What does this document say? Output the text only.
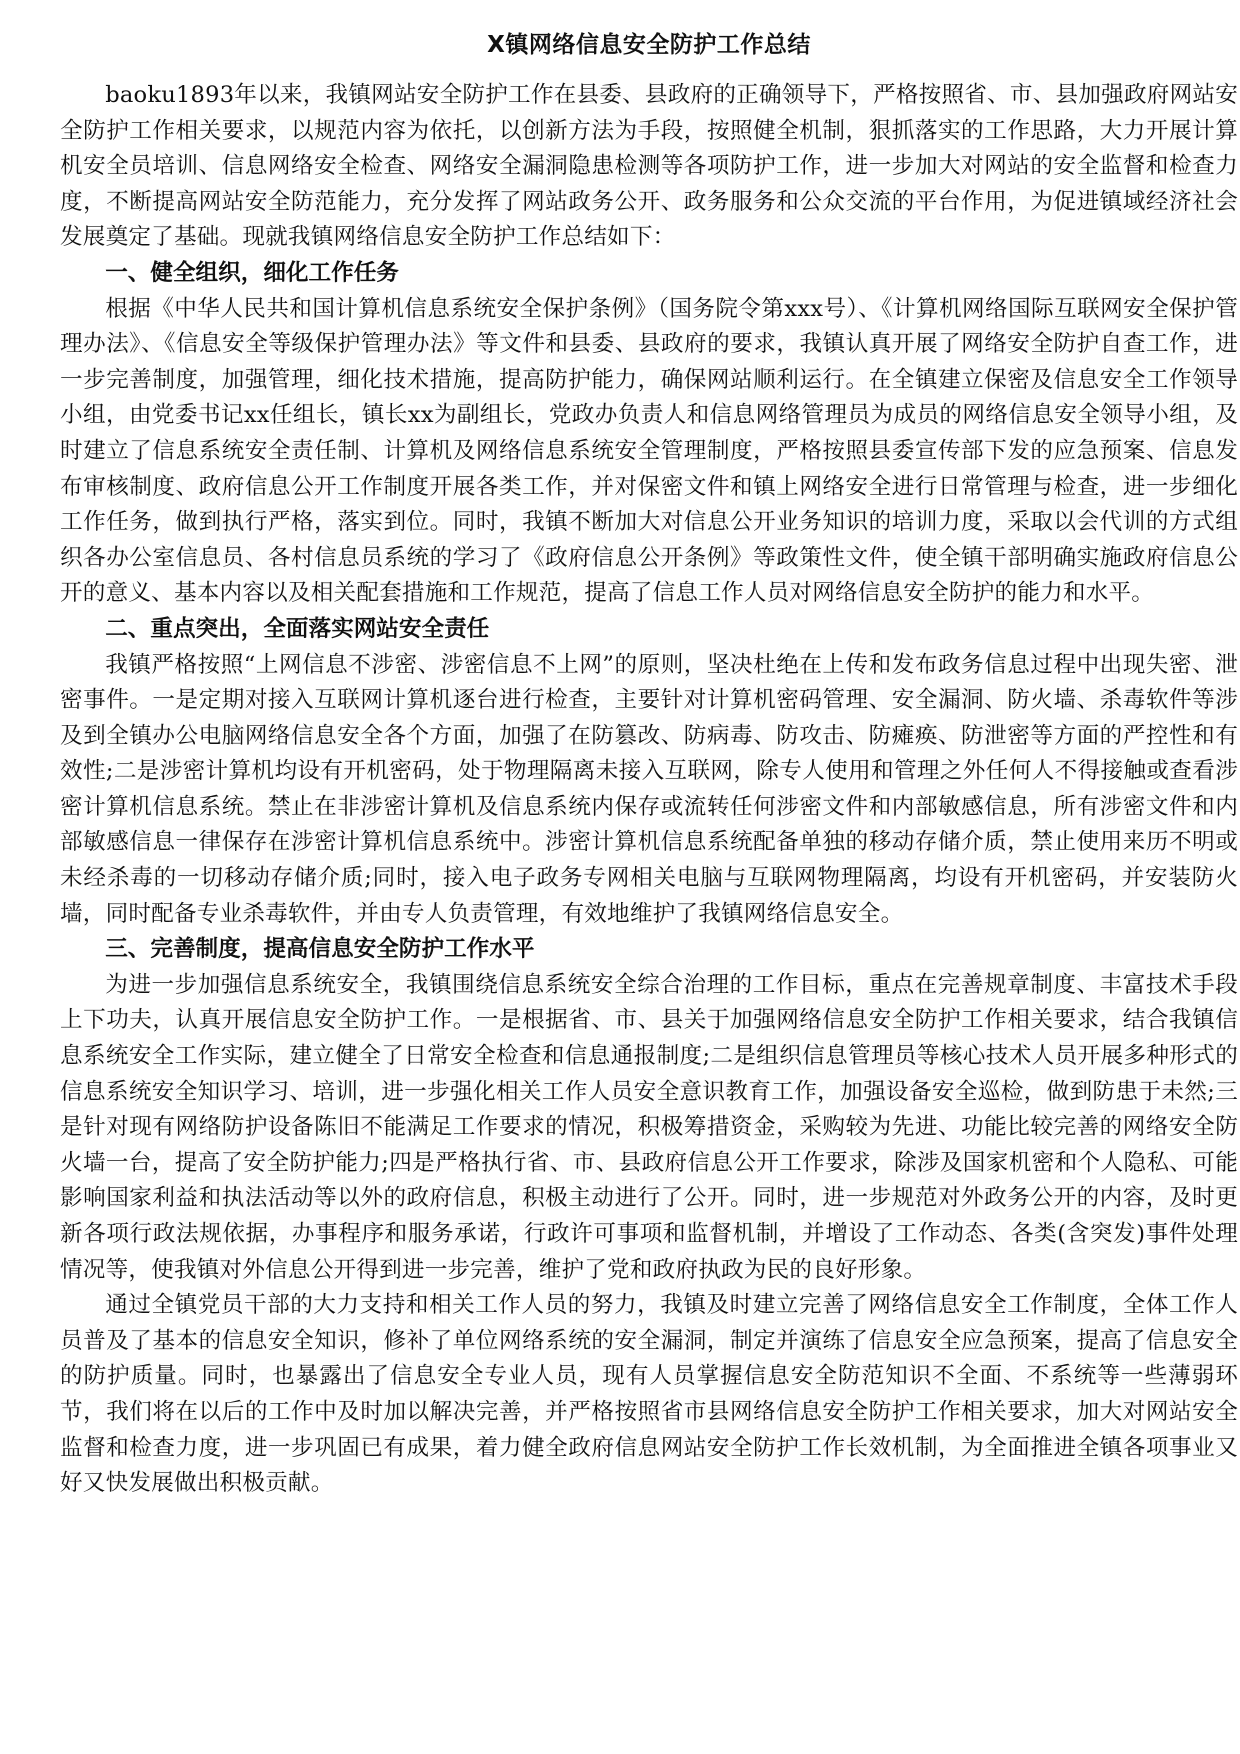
X镇网络信息安全防护工作总结

baoku1893年以来，我镇网站安全防护工作在县委、县政府的正确领导下，严格按照省、市、县加强政府网站安全防护工作相关要求，以规范内容为依托，以创新方法为手段，按照健全机制，狠抓落实的工作思路，大力开展计算机安全员培训、信息网络安全检查、网络安全漏洞隐患检测等各项防护工作，进一步加大对网站的安全监督和检查力度，不断提高网站安全防范能力，充分发挥了网站政务公开、政务服务和公众交流的平台作用，为促进镇域经济社会发展奠定了基础。现就我镇网络信息安全防护工作总结如下：

一、健全组织，细化工作任务

根据《中华人民共和国计算机信息系统安全保护条例》（国务院令第xxx号）、《计算机网络国际互联网安全保护管理办法》、《信息安全等级保护管理办法》等文件和县委、县政府的要求，我镇认真开展了网络安全防护自查工作，进一步完善制度，加强管理，细化技术措施，提高防护能力，确保网站顺利运行。在全镇建立保密及信息安全工作领导小组，由党委书记xx任组长，镇长xx为副组长，党政办负责人和信息网络管理员为成员的网络信息安全领导小组，及时建立了信息系统安全责任制、计算机及网络信息系统安全管理制度，严格按照县委宣传部下发的应急预案、信息发布审核制度、政府信息公开工作制度开展各类工作，并对保密文件和镇上网络安全进行日常管理与检查，进一步细化工作任务，做到执行严格，落实到位。同时，我镇不断加大对信息公开业务知识的培训力度，采取以会代训的方式组织各办公室信息员、各村信息员系统的学习了《政府信息公开条例》等政策性文件，使全镇干部明确实施政府信息公开的意义、基本内容以及相关配套措施和工作规范，提高了信息工作人员对网络信息安全防护的能力和水平。

二、重点突出，全面落实网站安全责任

我镇严格按照“上网信息不涉密、涉密信息不上网”的原则，坚决杜绝在上传和发布政务信息过程中出现失密、泄密事件。一是定期对接入互联网计算机逐台进行检查，主要针对计算机密码管理、安全漏洞、防火墙、杀毒软件等涉及到全镇办公电脑网络信息安全各个方面，加强了在防篡改、防病毒、防攻击、防瘫痪、防泄密等方面的严控性和有效性;二是涉密计算机均设有开机密码，处于物理隔离未接入互联网，除专人使用和管理之外任何人不得接触或查看涉密计算机信息系统。禁止在非涉密计算机及信息系统内保存或流转任何涉密文件和内部敏感信息，所有涉密文件和内部敏感信息一律保存在涉密计算机信息系统中。涉密计算机信息系统配备单独的移动存储介质，禁止使用来历不明或未经杀毒的一切移动存储介质;同时，接入电子政务专网相关电脑与互联网物理隔离，均设有开机密码，并安装防火墙，同时配备专业杀毒软件，并由专人负责管理，有效地维护了我镇网络信息安全。

三、完善制度，提高信息安全防护工作水平

为进一步加强信息系统安全，我镇围绕信息系统安全综合治理的工作目标，重点在完善规章制度、丰富技术手段上下功夫，认真开展信息安全防护工作。一是根据省、市、县关于加强网络信息安全防护工作相关要求，结合我镇信息系统安全工作实际，建立健全了日常安全检查和信息通报制度;二是组织信息管理员等核心技术人员开展多种形式的信息系统安全知识学习、培训，进一步强化相关工作人员安全意识教育工作，加强设备安全巡检，做到防患于未然;三是针对现有网络防护设备陈旧不能满足工作要求的情况，积极筹措资金，采购较为先进、功能比较完善的网络安全防火墙一台，提高了安全防护能力;四是严格执行省、市、县政府信息公开工作要求，除涉及国家机密和个人隐私、可能影响国家利益和执法活动等以外的政府信息，积极主动进行了公开。同时，进一步规范对外政务公开的内容，及时更新各项行政法规依据，办事程序和服务承诺，行政许可事项和监督机制，并增设了工作动态、各类(含突发)事件处理情况等，使我镇对外信息公开得到进一步完善，维护了党和政府执政为民的良好形象。

通过全镇党员干部的大力支持和相关工作人员的努力，我镇及时建立完善了网络信息安全工作制度，全体工作人员普及了基本的信息安全知识，修补了单位网络系统的安全漏洞，制定并演练了信息安全应急预案，提高了信息安全的防护质量。同时，也暴露出了信息安全专业人员，现有人员掌握信息安全防范知识不全面、不系统等一些薄弱环节，我们将在以后的工作中及时加以解决完善，并严格按照省市县网络信息安全防护工作相关要求，加大对网站安全监督和检查力度，进一步巩固已有成果，着力健全政府信息网站安全防护工作长效机制，为全面推进全镇各项事业又好又快发展做出积极贡献。
